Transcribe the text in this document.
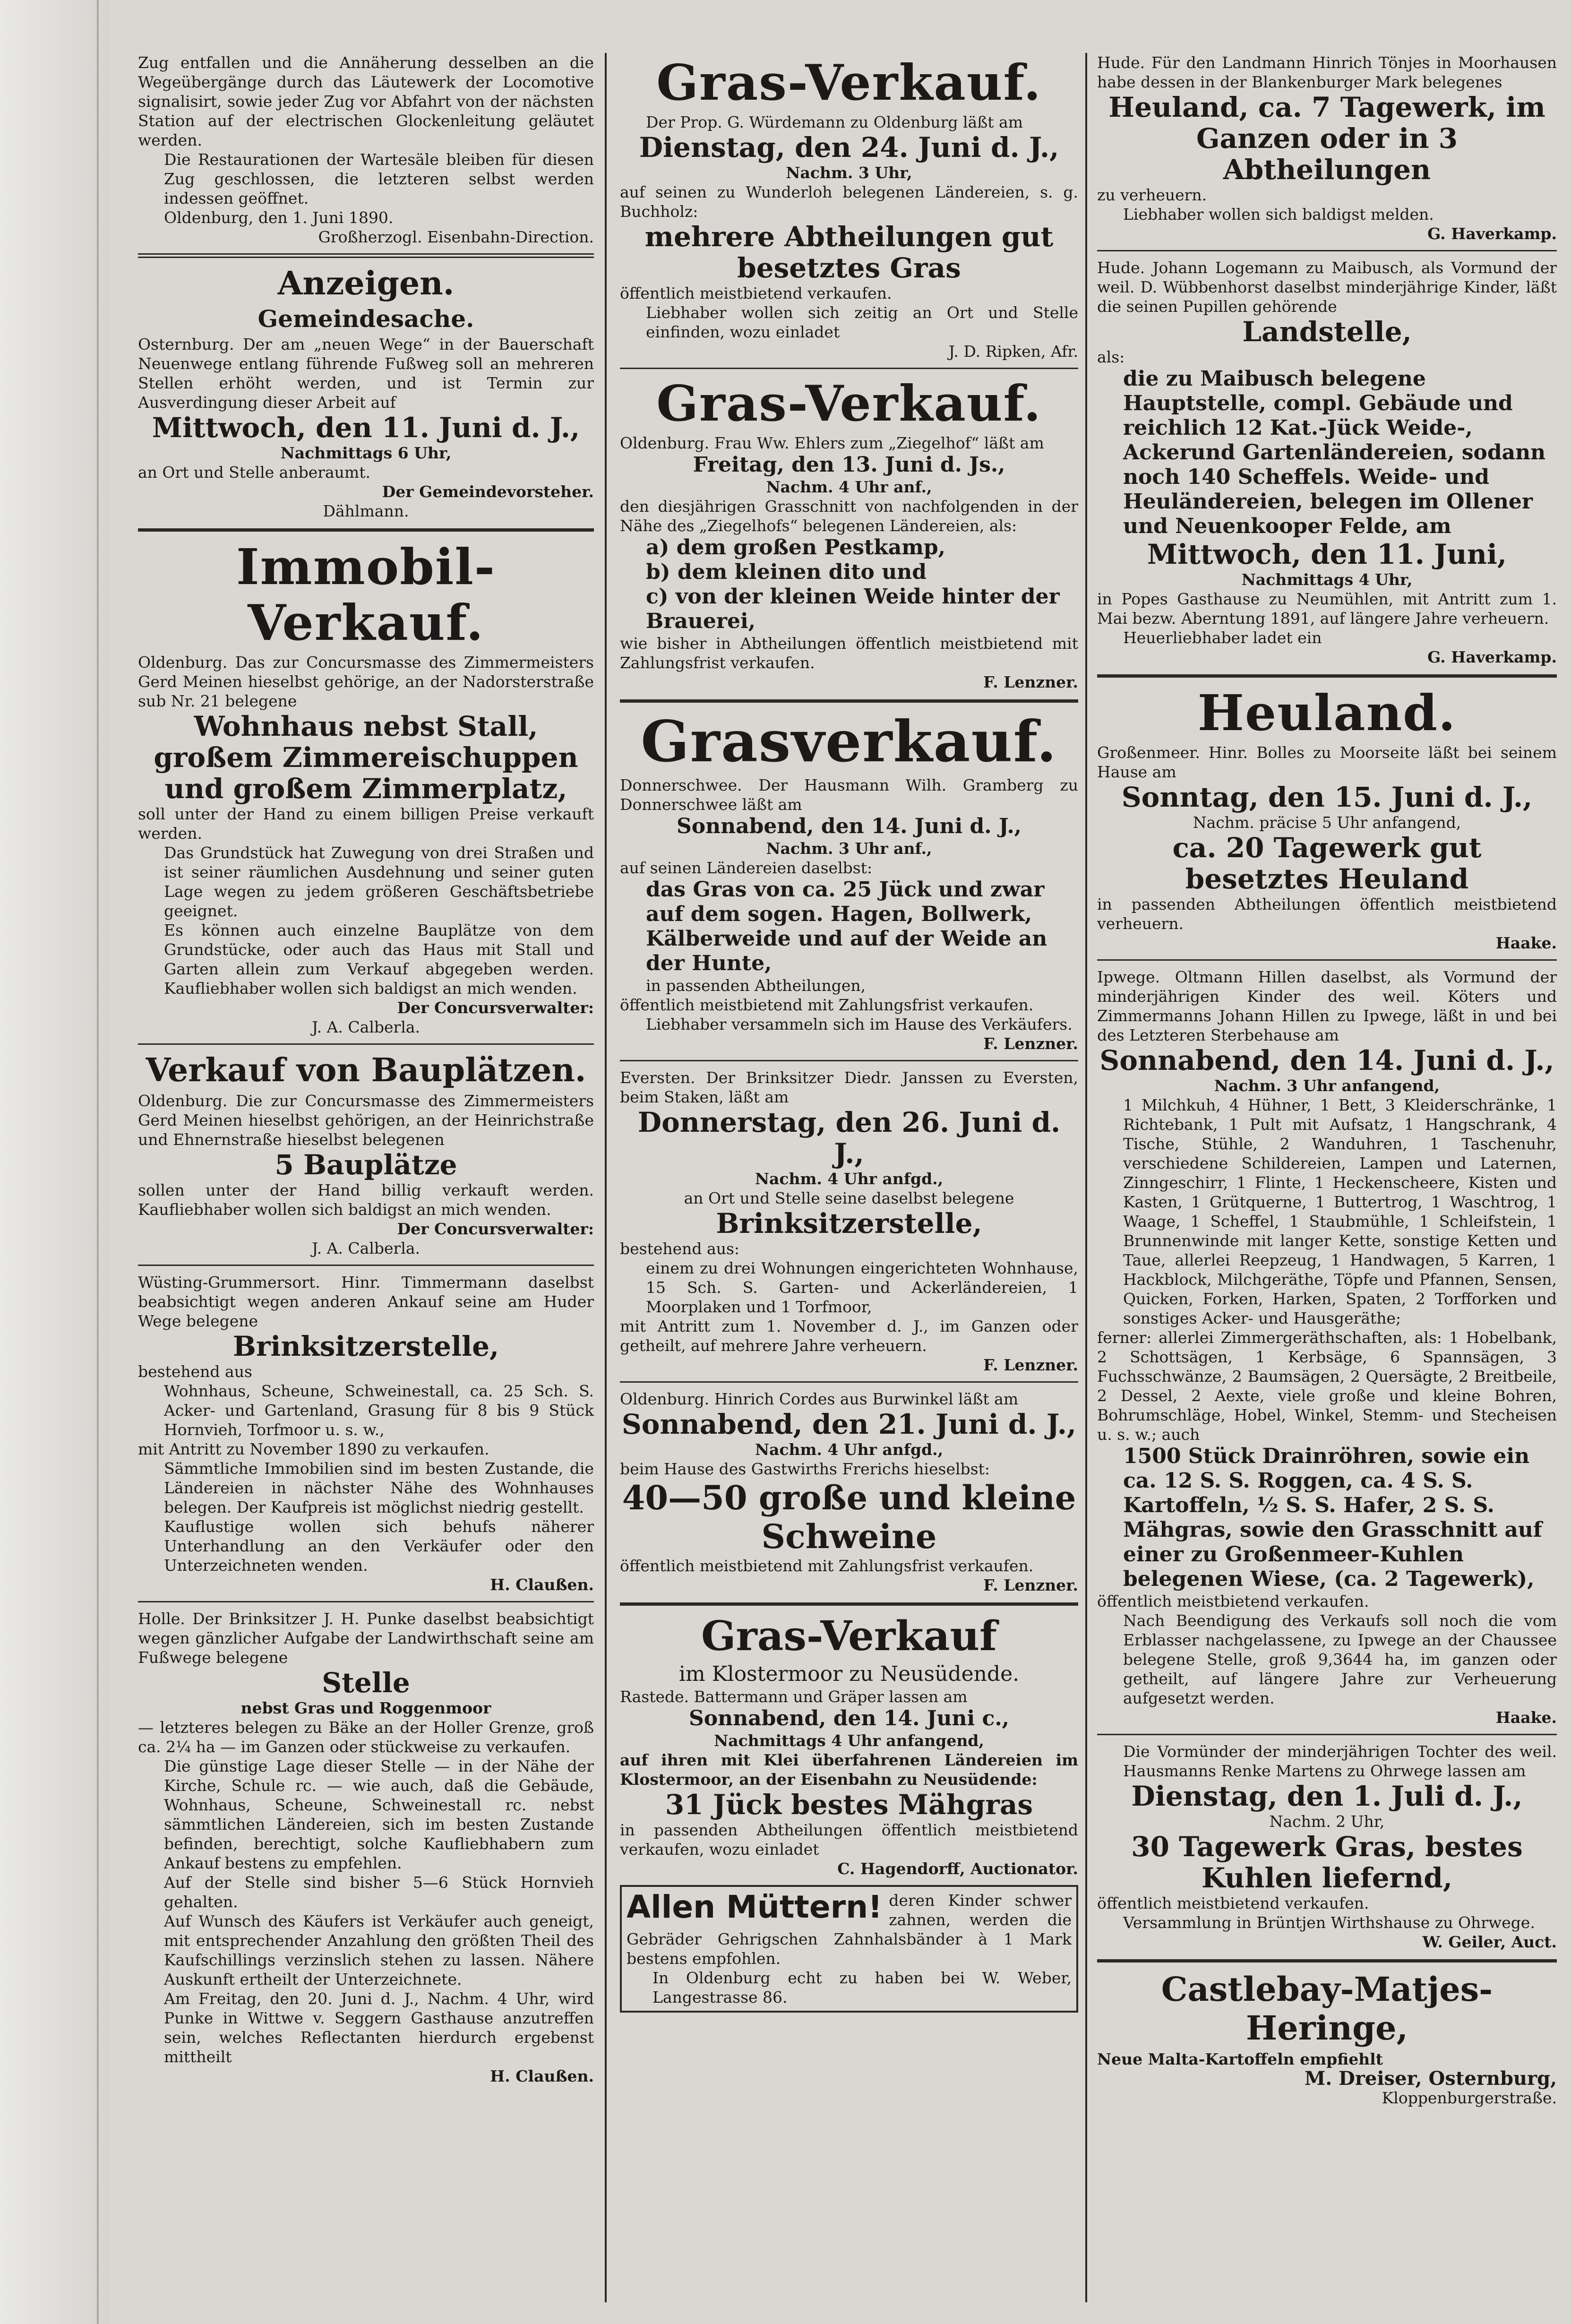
Zug entfallen und die Annäherung desselben an die Wegeübergänge durch das Läutewerk der Locomotive signalisirt, sowie jeder Zug vor Abfahrt von der nächsten Station auf der electrischen Glockenleitung geläutet werden.

Die Restaurationen der Wartesäle bleiben für diesen Zug geschlossen, die letzteren selbst werden indessen geöffnet.

Oldenburg, den 1. Juni 1890.

Großherzogl. Eisenbahn-Direction.

Anzeigen.
Gemeindesache.

Osternburg. Der am „neuen Wege“ in der Bauerschaft Neuenwege entlang führende Fußweg soll an mehreren Stellen erhöht werden, und ist Termin zur Ausverdingung dieser Arbeit auf

Mittwoch, den 11. Juni d. J.,

Nachmittags 6 Uhr,

an Ort und Stelle anberaumt.

Der Gemeindevorsteher.

Dählmann.

Immobil-Verkauf.

Oldenburg. Das zur Concursmasse des Zimmermeisters Gerd Meinen hieselbst gehörige, an der Nadorsterstraße sub Nr. 21 belegene

Wohnhaus nebst Stall, großem Zimmereischuppen und großem Zimmerplatz,

soll unter der Hand zu einem billigen Preise verkauft werden.

Das Grundstück hat Zuwegung von drei Straßen und ist seiner räumlichen Ausdehnung und seiner guten Lage wegen zu jedem größeren Geschäftsbetriebe geeignet.

Es können auch einzelne Bauplätze von dem Grundstücke, oder auch das Haus mit Stall und Garten allein zum Verkauf abgegeben werden. Kaufliebhaber wollen sich baldigst an mich wenden.

Der Concursverwalter:

J. A. Calberla.

Verkauf von Bauplätzen.

Oldenburg. Die zur Concursmasse des Zimmermeisters Gerd Meinen hieselbst gehörigen, an der Heinrichstraße und Ehnernstraße hieselbst belegenen

5 Bauplätze

sollen unter der Hand billig verkauft werden. Kaufliebhaber wollen sich baldigst an mich wenden.

Der Concursverwalter:

J. A. Calberla.

Wüsting-Grummersort. Hinr. Timmermann daselbst beabsichtigt wegen anderen Ankauf seine am Huder Wege belegene

Brinksitzerstelle,

bestehend aus

Wohnhaus, Scheune, Schweinestall, ca. 25 Sch. S. Acker- und Gartenland, Grasung für 8 bis 9 Stück Hornvieh, Torfmoor u. s. w.,

mit Antritt zu November 1890 zu verkaufen.

Sämmtliche Immobilien sind im besten Zustande, die Ländereien in nächster Nähe des Wohnhauses belegen. Der Kaufpreis ist möglichst niedrig gestellt.

Kauflustige wollen sich behufs näherer Unterhandlung an den Verkäufer oder den Unterzeichneten wenden.

H. Claußen.

Holle. Der Brinksitzer J. H. Punke daselbst beabsichtigt wegen gänzlicher Aufgabe der Landwirthschaft seine am Fußwege belegene

Stelle

nebst Gras und Roggenmoor

— letzteres belegen zu Bäke an der Holler Grenze, groß ca. 2¼ ha — im Ganzen oder stückweise zu verkaufen.

Die günstige Lage dieser Stelle — in der Nähe der Kirche, Schule rc. — wie auch, daß die Gebäude, Wohnhaus, Scheune, Schweinestall rc. nebst sämmtlichen Ländereien, sich im besten Zustande befinden, berechtigt, solche Kaufliebhabern zum Ankauf bestens zu empfehlen.

Auf der Stelle sind bisher 5—6 Stück Hornvieh gehalten.

Auf Wunsch des Käufers ist Verkäufer auch geneigt, mit entsprechender Anzahlung den größten Theil des Kaufschillings verzinslich stehen zu lassen. Nähere Auskunft ertheilt der Unterzeichnete.

Am Freitag, den 20. Juni d. J., Nachm. 4 Uhr, wird Punke in Wittwe v. Seggern Gasthause anzutreffen sein, welches Reflectanten hierdurch ergebenst mittheilt

H. Claußen.

Gras-Verkauf.

Der Prop. G. Würdemann zu Oldenburg läßt am

Dienstag, den 24. Juni d. J.,

Nachm. 3 Uhr,

auf seinen zu Wunderloh belegenen Ländereien, s. g. Buchholz:

mehrere Abtheilungen gut besetztes Gras

öffentlich meistbietend verkaufen.

Liebhaber wollen sich zeitig an Ort und Stelle einfinden, wozu einladet

J. D. Ripken, Afr.

Gras-Verkauf.

Oldenburg. Frau Ww. Ehlers zum „Ziegelhof“ läßt am

Freitag, den 13. Juni d. Js.,

Nachm. 4 Uhr anf.,

den diesjährigen Grasschnitt von nachfolgenden in der Nähe des „Ziegelhofs“ belegenen Ländereien, als:

a) dem großen Pestkamp,

b) dem kleinen dito und

c) von der kleinen Weide hinter der Brauerei,

wie bisher in Abtheilungen öffentlich meistbietend mit Zahlungsfrist verkaufen.

F. Lenzner.

Grasverkauf.

Donnerschwee. Der Hausmann Wilh. Gramberg zu Donnerschwee läßt am

Sonnabend, den 14. Juni d. J.,

Nachm. 3 Uhr anf.,

auf seinen Ländereien daselbst:

das Gras von ca. 25 Jück und zwar auf dem sogen. Hagen, Bollwerk, Kälberweide und auf der Weide an der Hunte,

in passenden Abtheilungen,

öffentlich meistbietend mit Zahlungsfrist verkaufen.

Liebhaber versammeln sich im Hause des Verkäufers.

F. Lenzner.

Eversten. Der Brinksitzer Diedr. Janssen zu Eversten, beim Staken, läßt am

Donnerstag, den 26. Juni d. J.,

Nachm. 4 Uhr anfgd.,

an Ort und Stelle seine daselbst belegene

Brinksitzerstelle,

bestehend aus:

einem zu drei Wohnungen eingerichteten Wohnhause, 15 Sch. S. Garten- und Ackerländereien, 1 Moorplaken und 1 Torfmoor,

mit Antritt zum 1. November d. J., im Ganzen oder getheilt, auf mehrere Jahre verheuern.

F. Lenzner.

Oldenburg. Hinrich Cordes aus Burwinkel läßt am

Sonnabend, den 21. Juni d. J.,

Nachm. 4 Uhr anfgd.,

beim Hause des Gastwirths Frerichs hieselbst:

40—50 große und kleine Schweine

öffentlich meistbietend mit Zahlungsfrist verkaufen.

F. Lenzner.

Gras-Verkauf

im Klostermoor zu Neusüdende.

Rastede. Battermann und Gräper lassen am

Sonnabend, den 14. Juni c.,

Nachmittags 4 Uhr anfangend,

auf ihren mit Klei überfahrenen Ländereien im Klostermoor, an der Eisenbahn zu Neusüdende:

31 Jück bestes Mähgras

in passenden Abtheilungen öffentlich meistbietend verkaufen, wozu einladet

C. Hagendorff, Auctionator.

Allen Müttern! deren Kinder schwer zahnen, werden die Gebräder Gehrigschen Zahnhalsbänder à 1 Mark bestens empfohlen.

In Oldenburg echt zu haben bei W. Weber, Langestrasse 86.

Hude. Für den Landmann Hinrich Tönjes in Moorhausen habe dessen in der Blankenburger Mark belegenes

Heuland, ca. 7 Tagewerk, im Ganzen oder in 3 Abtheilungen

zu verheuern.

Liebhaber wollen sich baldigst melden.

G. Haverkamp.

Hude. Johann Logemann zu Maibusch, als Vormund der weil. D. Wübbenhorst daselbst minderjährige Kinder, läßt die seinen Pupillen gehörende

Landstelle,

als:

die zu Maibusch belegene Hauptstelle, compl. Gebäude und reichlich 12 Kat.-Jück Weide-, Ackerund Gartenländereien, sodann noch 140 Scheffels. Weide- und Heuländereien, belegen im Ollener und Neuenkooper Felde, am

Mittwoch, den 11. Juni,

Nachmittags 4 Uhr,

in Popes Gasthause zu Neumühlen, mit Antritt zum 1. Mai bezw. Aberntung 1891, auf längere Jahre verheuern.

Heuerliebhaber ladet ein

G. Haverkamp.

Heuland.

Großenmeer. Hinr. Bolles zu Moorseite läßt bei seinem Hause am

Sonntag, den 15. Juni d. J.,

Nachm. präcise 5 Uhr anfangend,

ca. 20 Tagewerk gut besetztes Heuland

in passenden Abtheilungen öffentlich meistbietend verheuern.

Haake.

Ipwege. Oltmann Hillen daselbst, als Vormund der minderjährigen Kinder des weil. Köters und Zimmermanns Johann Hillen zu Ipwege, läßt in und bei des Letzteren Sterbehause am

Sonnabend, den 14. Juni d. J.,

Nachm. 3 Uhr anfangend,

1 Milchkuh, 4 Hühner, 1 Bett, 3 Kleiderschränke, 1 Richtebank, 1 Pult mit Aufsatz, 1 Hangschrank, 4 Tische, Stühle, 2 Wanduhren, 1 Taschenuhr, verschiedene Schildereien, Lampen und Laternen, Zinngeschirr, 1 Flinte, 1 Heckenscheere, Kisten und Kasten, 1 Grütquerne, 1 Buttertrog, 1 Waschtrog, 1 Waage, 1 Scheffel, 1 Staubmühle, 1 Schleifstein, 1 Brunnenwinde mit langer Kette, sonstige Ketten und Taue, allerlei Reepzeug, 1 Handwagen, 5 Karren, 1 Hackblock, Milchgeräthe, Töpfe und Pfannen, Sensen, Quicken, Forken, Harken, Spaten, 2 Torfforken und sonstiges Acker- und Hausgeräthe;

ferner: allerlei Zimmergeräthschaften, als: 1 Hobelbank, 2 Schottsägen, 1 Kerbsäge, 6 Spannsägen, 3 Fuchsschwänze, 2 Baumsägen, 2 Quersägte, 2 Breitbeile, 2 Dessel, 2 Aexte, viele große und kleine Bohren, Bohrumschläge, Hobel, Winkel, Stemm- und Stecheisen u. s. w.; auch

1500 Stück Drainröhren, sowie ein ca. 12 S. S. Roggen, ca. 4 S. S. Kartoffeln, ½ S. S. Hafer, 2 S. S. Mähgras, sowie den Grasschnitt auf einer zu Großenmeer-Kuhlen belegenen Wiese, (ca. 2 Tagewerk),

öffentlich meistbietend verkaufen.

Nach Beendigung des Verkaufs soll noch die vom Erblasser nachgelassene, zu Ipwege an der Chaussee belegene Stelle, groß 9,3644 ha, im ganzen oder getheilt, auf längere Jahre zur Verheuerung aufgesetzt werden.

Haake.

Die Vormünder der minderjährigen Tochter des weil. Hausmanns Renke Martens zu Ohrwege lassen am

Dienstag, den 1. Juli d. J.,

Nachm. 2 Uhr,

30 Tagewerk Gras, bestes Kuhlen liefernd,

öffentlich meistbietend verkaufen.

Versammlung in Brüntjen Wirthshause zu Ohrwege.

W. Geiler, Auct.

Castlebay-Matjes-Heringe,

Neue Malta-Kartoffeln empfiehlt

M. Dreiser, Osternburg,

Kloppenburgerstraße.
